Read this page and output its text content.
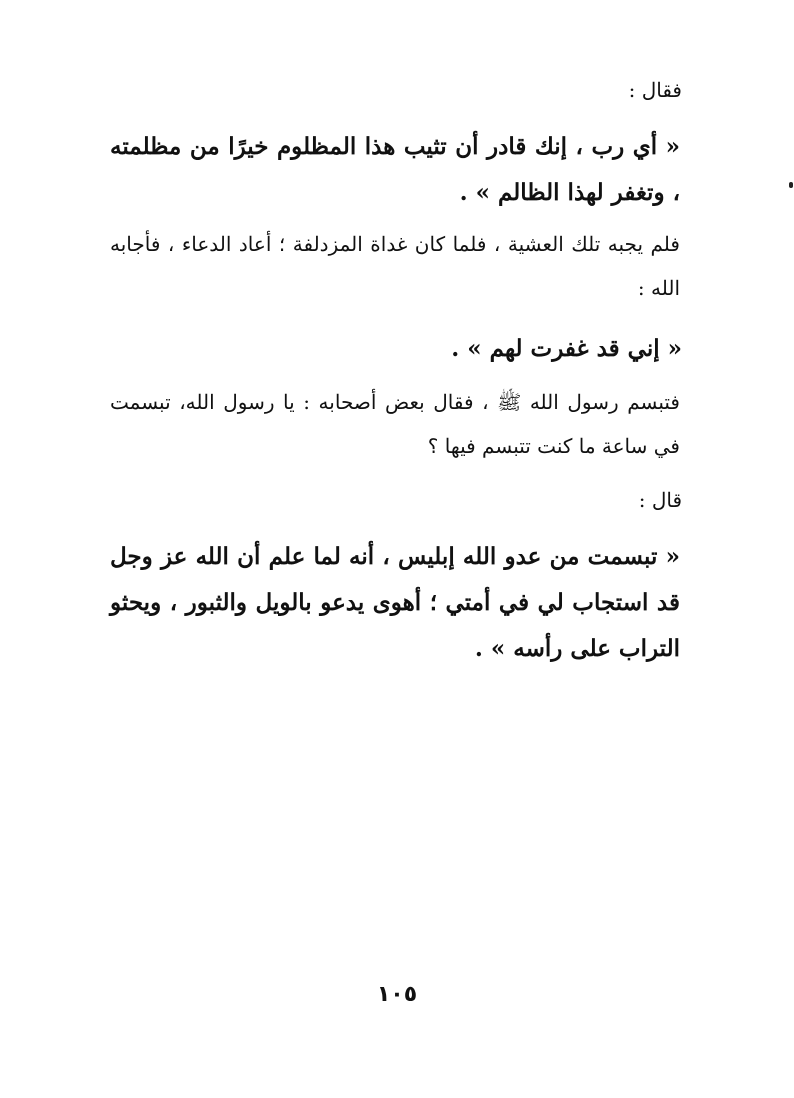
فقال :
« أي رب ، إنك قادر أن تثيب هذا المظلوم خيرًا من مظلمته ، وتغفر لهذا الظالم » .
فلم يجبه تلك العشية ، فلما كان غداة المزدلفة ؛ أعاد الدعاء ، فأجابه الله :
« إني قد غفرت لهم » .
فتبسم رسول الله ﷺ ، فقال بعض أصحابه : يا رسول الله، تبسمت في ساعة ما كنت تتبسم فيها ؟
قال :
« تبسمت من عدو الله إبليس ، أنه لما علم أن الله عز وجل قد استجاب لي في أمتي ؛ أهوى يدعو بالويل والثبور ، ويحثو التراب على رأسه » .
١٠٥
